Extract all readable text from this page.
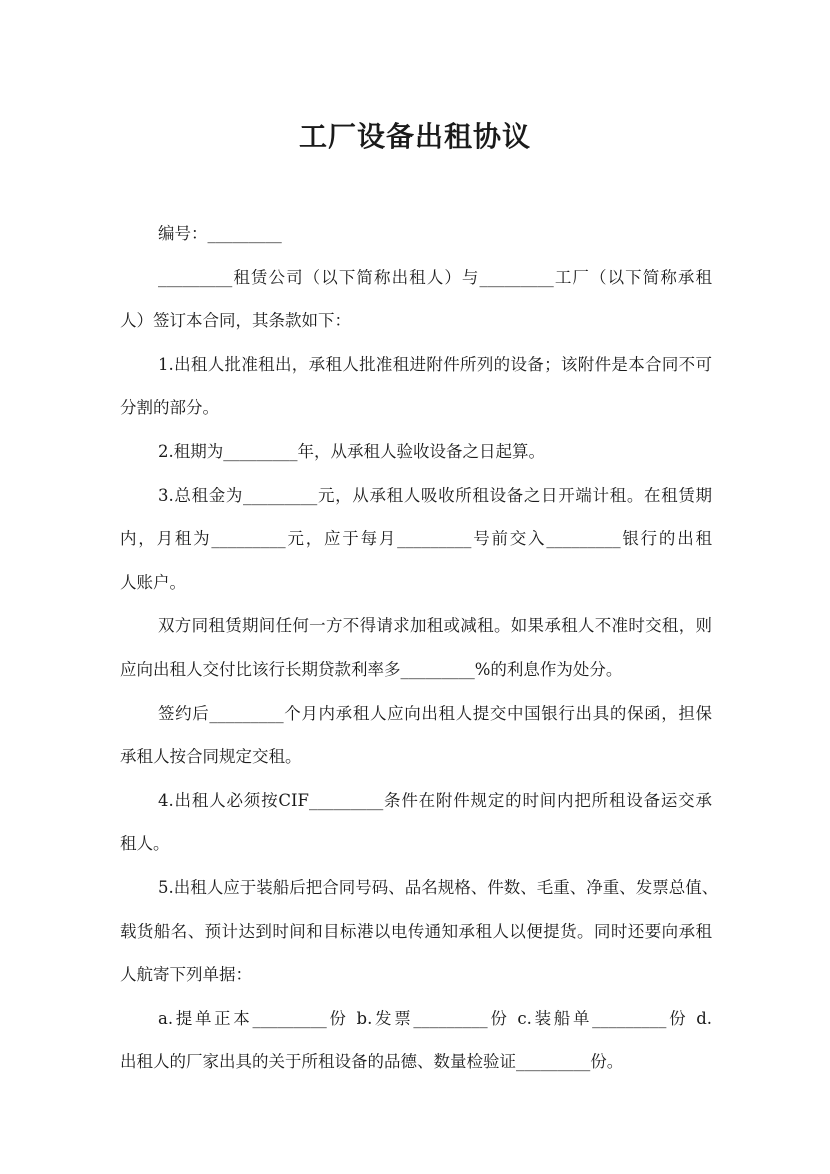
工厂设备出租协议
编号：_________
_________租赁公司（以下简称出租人）与_________工厂（以下简称承租
人）签订本合同，其条款如下：
1.出租人批准租出，承租人批准租进附件所列的设备；该附件是本合同不可
分割的部分。
2.租期为_________年，从承租人验收设备之日起算。
3.总租金为_________元，从承租人吸收所租设备之日开端计租。在租赁期
内，月租为_________元，应于每月_________号前交入_________银行的出租
人账户。
双方同租赁期间任何一方不得请求加租或减租。如果承租人不准时交租，则
应向出租人交付比该行长期贷款利率多_________%的利息作为处分。
签约后_________个月内承租人应向出租人提交中国银行出具的保函，担保
承租人按合同规定交租。
4.出租人必须按CIF_________条件在附件规定的时间内把所租设备运交承
租人。
5.出租人应于装船后把合同号码、品名规格、件数、毛重、净重、发票总值、
载货船名、预计达到时间和目标港以电传通知承租人以便提货。同时还要向承租
人航寄下列单据：
a.提单正本_________份 b.发票_________份 c.装船单_________份 d.
出租人的厂家出具的关于所租设备的品德、数量检验证_________份。
